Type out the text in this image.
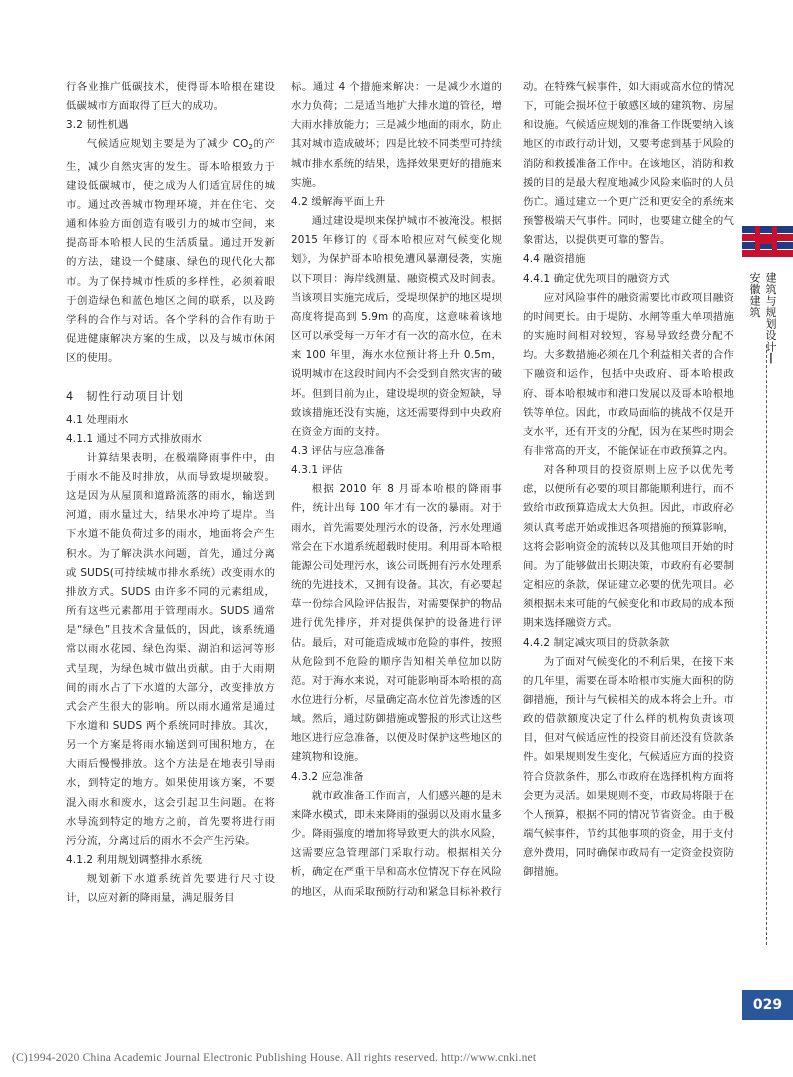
行各业推广低碳技术，使得哥本哈根在建设低碳城市方面取得了巨大的成功。

3.2 韧性机遇

气候适应规划主要是为了减少 $CO_2$的产生，减少自然灾害的发生。哥本哈根致力于建设低碳城市，使之成为人们适宜居住的城市。通过改善城市物理环境，并在住宅、交通和体验方面创造有吸引力的城市空间，来提高哥本哈根人民的生活质量。通过开发新的方法，建设一个健康、绿色的现代化大都市。为了保持城市性质的多样性，必须着眼于创造绿色和蓝色地区之间的联系，以及跨学科的合作与对话。各个学科的合作有助于促进健康解决方案的生成，以及与城市休闲区的使用。

4　韧性行动项目计划

4.1 处理雨水

4.1.1 通过不同方式排放雨水

计算结果表明，在极端降雨事件中，由于雨水不能及时排放，从而导致堤坝破裂。这是因为从屋顶和道路流落的雨水，输送到河道，雨水量过大，结果水冲垮了堤岸。当下水道不能负荷过多的雨水，地面将会产生积水。为了解决洪水问题，首先，通过分离或 SUDS(可持续城市排水系统）改变雨水的排放方式。SUDS 由许多不同的元素组成，所有这些元素都用于管理雨水。SUDS 通常是“绿色”且技术含量低的，因此，该系统通常以雨水花园、绿色沟渠、湖泊和运河等形式呈现，为绿色城市做出贡献。由于大雨期间的雨水占了下水道的大部分，改变排放方式会产生很大的影响。所以雨水通常是通过下水道和 SUDS 两个系统同时排放。其次，另一个方案是将雨水输送到可围积地方，在大雨后慢慢排放。这个方法是在地表引导雨水，到特定的地方。如果使用该方案，不要混入雨水和废水，这会引起卫生问题。在将水导流到特定的地方之前，首先要将进行雨污分流，分离过后的雨水不会产生污染。

4.1.2 利用规划调整排水系统

规划新下水道系统首先要进行尺寸设计，以应对新的降雨量，满足服务目

标。通过 4 个措施来解决：一是减少水道的水力负荷；二是适当地扩大排水道的管径，增大雨水排放能力；三是减少地面的雨水，防止其对城市造成破坏；四是比较不同类型可持续城市排水系统的结果，选择效果更好的措施来实施。

4.2 缓解海平面上升

通过建设堤坝来保护城市不被淹没。根据 2015 年修订的《哥本哈根应对气候变化规划》，为保护哥本哈根免遭风暴潮侵袭，实施以下项目：海岸线测量、融资模式及时间表。当该项目实施完成后，受堤坝保护的地区堤坝高度将提高到 5.9m 的高度，这意味着该地区可以承受每一万年才有一次的高水位，在未来 100 年里，海水水位预计将上升 0.5m，说明城市在这段时间内不会受到自然灾害的破坏。但到目前为止，建设堤坝的资金短缺，导致该措施还没有实施，这还需要得到中央政府在资金方面的支持。

4.3 评估与应急准备

4.3.1 评估

根据 2010 年 8 月哥本哈根的降雨事件，统计出每 100 年才有一次的暴雨。对于雨水，首先需要处理污水的设备，污水处理通常会在下水道系统超载时使用。利用哥本哈根能源公司处理污水，该公司既拥有污水处理系统的先进技术，又拥有设备。其次，有必要起草一份综合风险评估报告，对需要保护的物品进行优先排序，并对提供保护的设备进行评估。最后，对可能造成城市危险的事件，按照从危险到不危险的顺序告知相关单位加以防范。对于海水来说，对可能影响哥本哈根的高水位进行分析，尽量确定高水位首先渗透的区域。然后，通过防御措施或警报的形式让这些地区进行应急准备，以便及时保护这些地区的建筑物和设施。

4.3.2 应急准备

就市政准备工作而言，人们感兴趣的是未来降水模式，即未来降雨的强弱以及雨水量多少。降雨强度的增加将导致更大的洪水风险，这需要应急管理部门采取行动。根据相关分析，确定在严重干旱和高水位情况下存在风险的地区，从而采取预防行动和紧急目标补救行

动。在特殊气候事件，如大雨或高水位的情况下，可能会损坏位于敏感区域的建筑物、房屋和设施。气候适应规划的准备工作既要纳入该地区的市政行动计划，又要考虑到基于风险的消防和救援准备工作中。在该地区，消防和救援的目的是最大程度地减少风险来临时的人员伤亡。通过建立一个更广泛和更安全的系统来预警极端天气事件。同时，也要建立健全的气象雷达，以提供更可靠的警告。

4.4 融资措施

4.4.1 确定优先项目的融资方式

应对风险事件的融资需要比市政项目融资的时间更长。由于堤防、水闸等重大单项措施的实施时间相对较短，容易导致经费分配不均。大多数措施必须在几个利益相关者的合作下融资和运作，包括中央政府、哥本哈根政府、哥本哈根城市和港口发展以及哥本哈根地铁等单位。因此，市政局面临的挑战不仅是开支水平，还有开支的分配，因为在某些时期会有非常高的开支，不能保证在市政预算之内。

对各种项目的投资原则上应予以优先考虑，以便所有必要的项目都能顺利进行，而不致给市政预算造成太大负担。因此，市政府必须认真考虑开始或推迟各项措施的预算影响，这将会影响资金的流转以及其他项目开始的时间。为了能够做出长期决策，市政府有必要制定相应的条款，保证建立必要的优先项目。必须根据未来可能的气候变化和市政局的成本预期来选择融资方式。

4.4.2 制定减灾项目的贷款条款

为了面对气候变化的不利后果，在接下来的几年里，需要在哥本哈根市实施大面积的防御措施，预计与气候相关的成本将会上升。市政的借款额度决定了什么样的机构负责该项目，但对气候适应性的投资目前还没有贷款条件。如果规则发生变化，气候适应方面的投资符合贷款条件，那么市政府在选择机构方面将会更为灵活。如果规则不变，市政局将限于在个人预算，根据不同的情况节省资金。由于极端气候事件，节约其他事项的资金，用于支付意外费用，同时确保市政局有一定资金投资防御措施。

建筑与规划设计丨安徽建筑
029
(C)1994-2020 China Academic Journal Electronic Publishing House. All rights reserved. http://www.cnki.net
